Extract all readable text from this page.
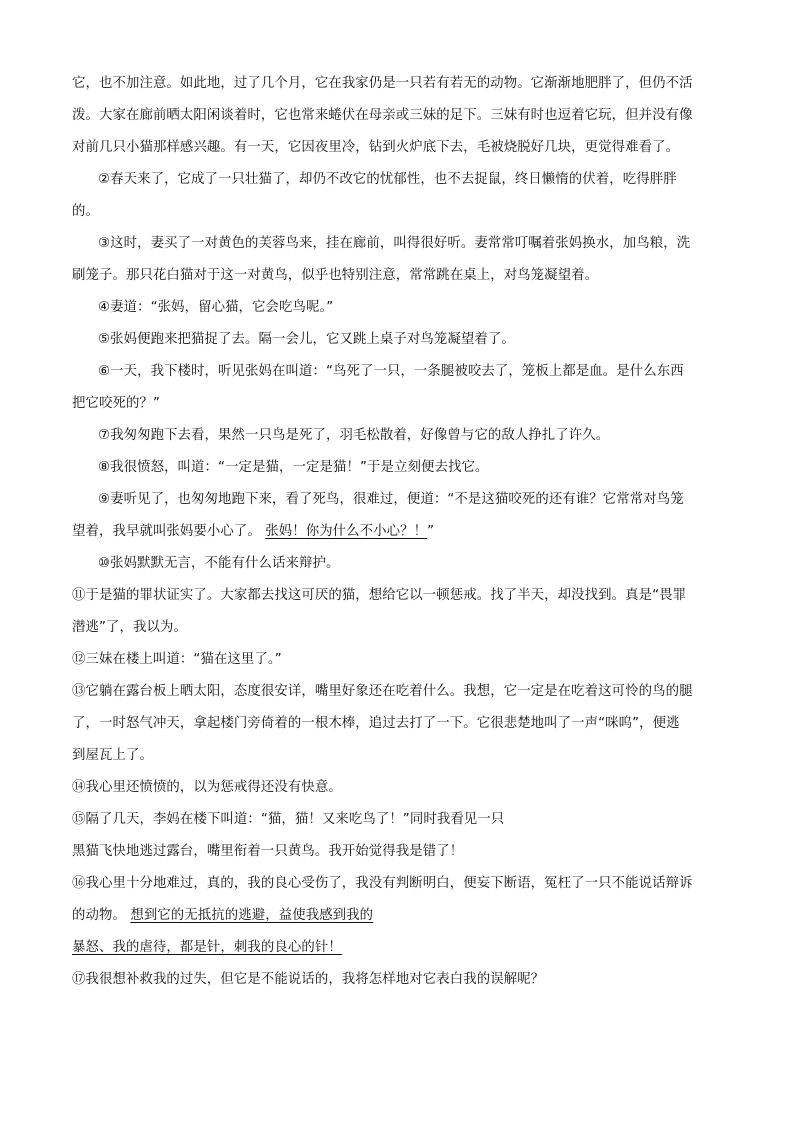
它，也不加注意。如此地，过了几个月，它在我家仍是一只若有若无的动物。它渐渐地肥胖了，但仍不活
泼。大家在廊前晒太阳闲谈着时，它也常来蜷伏在母亲或三妹的足下。三妹有时也逗着它玩，但并没有像
对前几只小猫那样感兴趣。有一天，它因夜里冷，钻到火炉底下去，毛被烧脱好几块，更觉得难看了。
②春天来了，它成了一只壮猫了，却仍不改它的忧郁性，也不去捉鼠，终日懒惰的伏着，吃得胖胖
的。
③这时，妻买了一对黄色的芙蓉鸟来，挂在廊前，叫得很好听。妻常常叮嘱着张妈换水，加鸟粮，洗
刷笼子。那只花白猫对于这一对黄鸟，似乎也特别注意，常常跳在桌上，对鸟笼凝望着。
④妻道：“张妈，留心猫，它会吃鸟呢。”
⑤张妈便跑来把猫捉了去。隔一会儿，它又跳上桌子对鸟笼凝望着了。
⑥一天，我下楼时，听见张妈在叫道：“鸟死了一只，一条腿被咬去了，笼板上都是血。是什么东西
把它咬死的？”
⑦我匆匆跑下去看，果然一只鸟是死了，羽毛松散着，好像曾与它的敌人挣扎了许久。
⑧我很愤怒，叫道：“一定是猫，一定是猫！”于是立刻便去找它。
⑨妻听见了，也匆匆地跑下来，看了死鸟，很难过，便道：“不是这猫咬死的还有谁？它常常对鸟笼
望着，我早就叫张妈要小心了。 张妈！你为什么不小心？！”
⑩张妈默默无言，不能有什么话来辩护。
⑪于是猫的罪状证实了。大家都去找这可厌的猫，想给它以一顿惩戒。找了半天，却没找到。真是“畏罪
潜逃”了，我以为。
⑫三妹在楼上叫道：“猫在这里了。”
⑬它躺在露台板上晒太阳，态度很安详，嘴里好象还在吃着什么。我想，它一定是在吃着这可怜的鸟的腿
了，一时怒气冲天，拿起楼门旁倚着的一根木棒，追过去打了一下。它很悲楚地叫了一声“咪呜”，便逃
到屋瓦上了。
⑭我心里还愤愤的，以为惩戒得还没有快意。
⑮隔了几天，李妈在楼下叫道：“猫，猫！又来吃鸟了！”同时我看见一只
黑猫飞快地逃过露台，嘴里衔着一只黄鸟。我开始觉得我是错了！
⑯我心里十分地难过，真的，我的良心受伤了，我没有判断明白，便妄下断语，冤枉了一只不能说话辩诉
的动物。 想到它的无抵抗的逃避，益使我感到我的
暴怒、我的虐待，都是针，刺我的良心的针！
⑰我很想补救我的过失，但它是不能说话的，我将怎样地对它表白我的误解呢？
